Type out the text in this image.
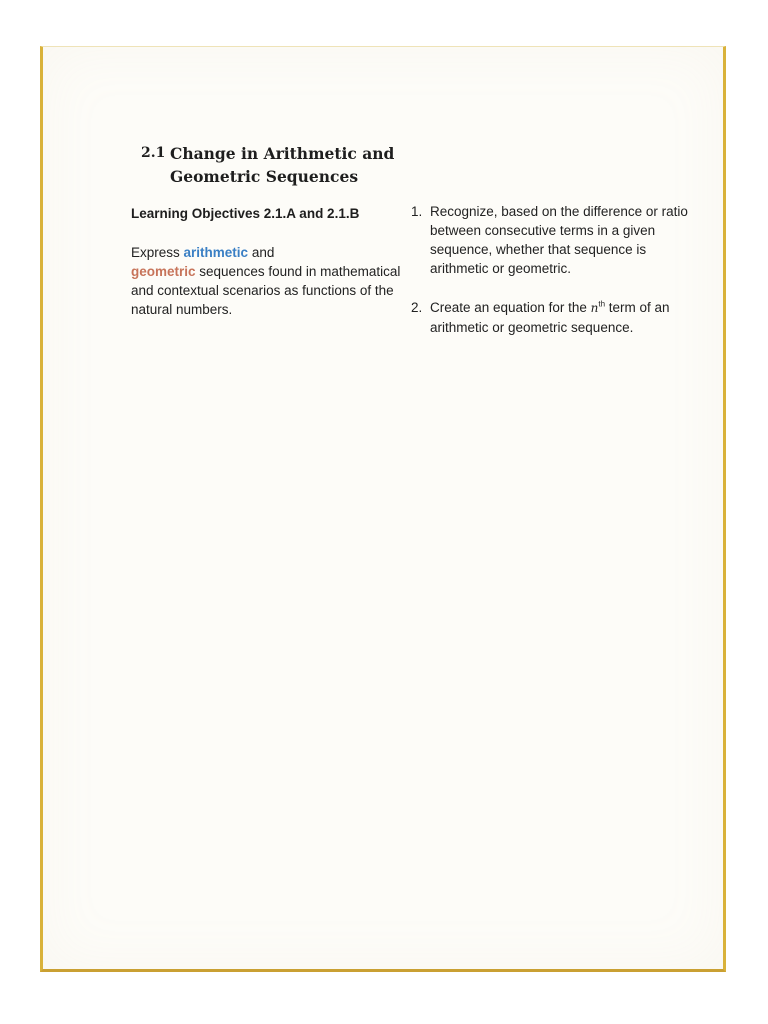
2.1 Change in Arithmetic and
Geometric Sequences
Learning Objectives 2.1.A and 2.1.B
Express arithmetic and
geometric sequences found in mathematical and contextual scenarios as functions of the natural numbers.
1. Recognize, based on the difference or ratio between consecutive terms in a given sequence, whether that sequence is arithmetic or geometric.
2. Create an equation for the $n^{th}$ term of an arithmetic or geometric sequence.
